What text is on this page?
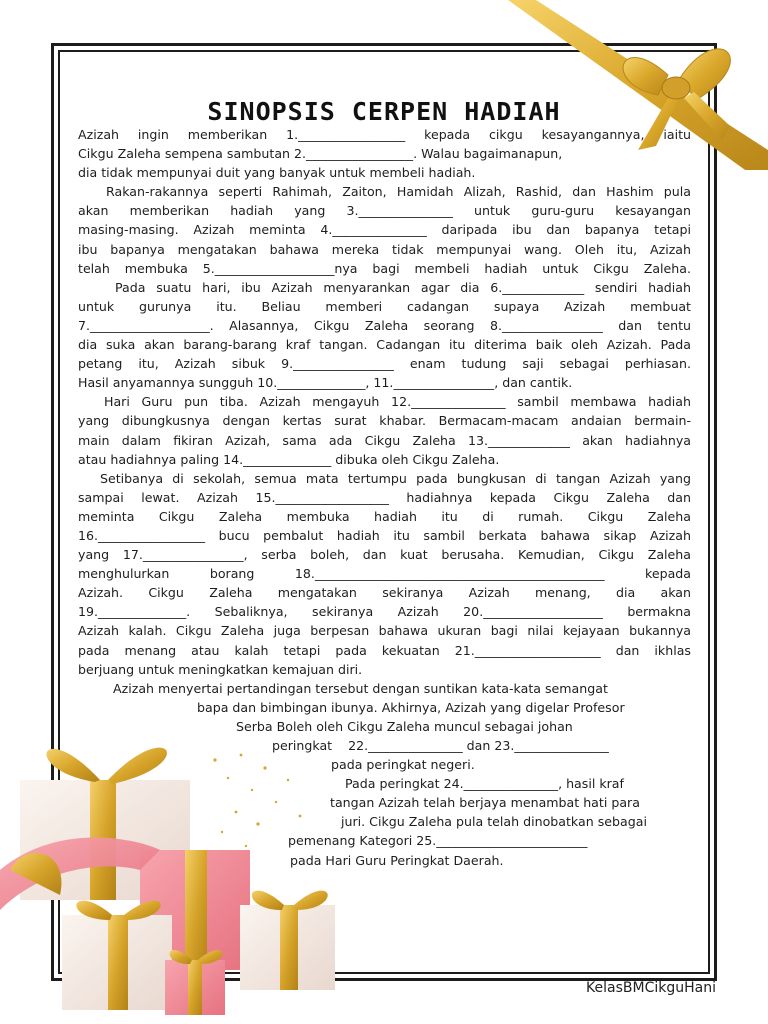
SINOPSIS CERPEN HADIAH
Azizah ingin memberikan 1._________________ kepada cikgu kesayangannya, iaitu
Cikgu Zaleha sempena sambutan 2._________________. Walau bagaimanapun,
dia tidak mempunyai duit yang banyak untuk membeli hadiah.
Rakan-rakannya seperti Rahimah, Zaiton, Hamidah Alizah, Rashid, dan Hashim pula
akan memberikan hadiah yang 3._______________ untuk guru-guru kesayangan
masing-masing. Azizah meminta 4._______________ daripada ibu dan bapanya tetapi
ibu bapanya mengatakan bahawa mereka tidak mempunyai wang. Oleh itu, Azizah
telah membuka 5.___________________nya bagi membeli hadiah untuk Cikgu Zaleha.
Pada suatu hari, ibu Azizah menyarankan agar dia 6._____________ sendiri hadiah
untuk gurunya itu. Beliau memberi cadangan supaya Azizah membuat
7.___________________. Alasannya, Cikgu Zaleha seorang 8.________________ dan tentu
dia suka akan barang-barang kraf tangan. Cadangan itu diterima baik oleh Azizah. Pada
petang itu, Azizah sibuk 9.________________ enam tudung saji sebagai perhiasan.
Hasil anyamannya sungguh 10.______________, 11.________________, dan cantik.
Hari Guru pun tiba. Azizah mengayuh 12._______________ sambil membawa hadiah
yang dibungkusnya dengan kertas surat khabar. Bermacam-macam andaian bermain-
main dalam fikiran Azizah, sama ada Cikgu Zaleha 13._____________ akan hadiahnya
atau hadiahnya paling 14.______________ dibuka oleh Cikgu Zaleha.
Setibanya di sekolah, semua mata tertumpu pada bungkusan di tangan Azizah yang
sampai lewat. Azizah 15.__________________ hadiahnya kepada Cikgu Zaleha dan
meminta Cikgu Zaleha membuka hadiah itu di rumah. Cikgu Zaleha
16._________________ bucu pembalut hadiah itu sambil berkata bahawa sikap Azizah
yang 17.________________, serba boleh, dan kuat berusaha. Kemudian, Cikgu Zaleha
menghulurkan borang 18.______________________________________________ kepada
Azizah. Cikgu Zaleha mengatakan sekiranya Azizah menang, dia akan
19.______________. Sebaliknya, sekiranya Azizah 20.___________________ bermakna
Azizah kalah. Cikgu Zaleha juga berpesan bahawa ukuran bagi nilai kejayaan bukannya
pada menang atau kalah tetapi pada kekuatan 21.____________________ dan ikhlas
berjuang untuk meningkatkan kemajuan diri.
Azizah menyertai pertandingan tersebut dengan suntikan kata-kata semangat
bapa dan bimbingan ibunya. Akhirnya, Azizah yang digelar Profesor
Serba Boleh oleh Cikgu Zaleha muncul sebagai johan
peringkat    22._______________ dan 23._______________
pada peringkat negeri.
Pada peringkat 24._______________, hasil kraf
tangan Azizah telah berjaya menambat hati para
juri. Cikgu Zaleha pula telah dinobatkan sebagai
pemenang Kategori 25.________________________
pada Hari Guru Peringkat Daerah.
KelasBMCikguHani
